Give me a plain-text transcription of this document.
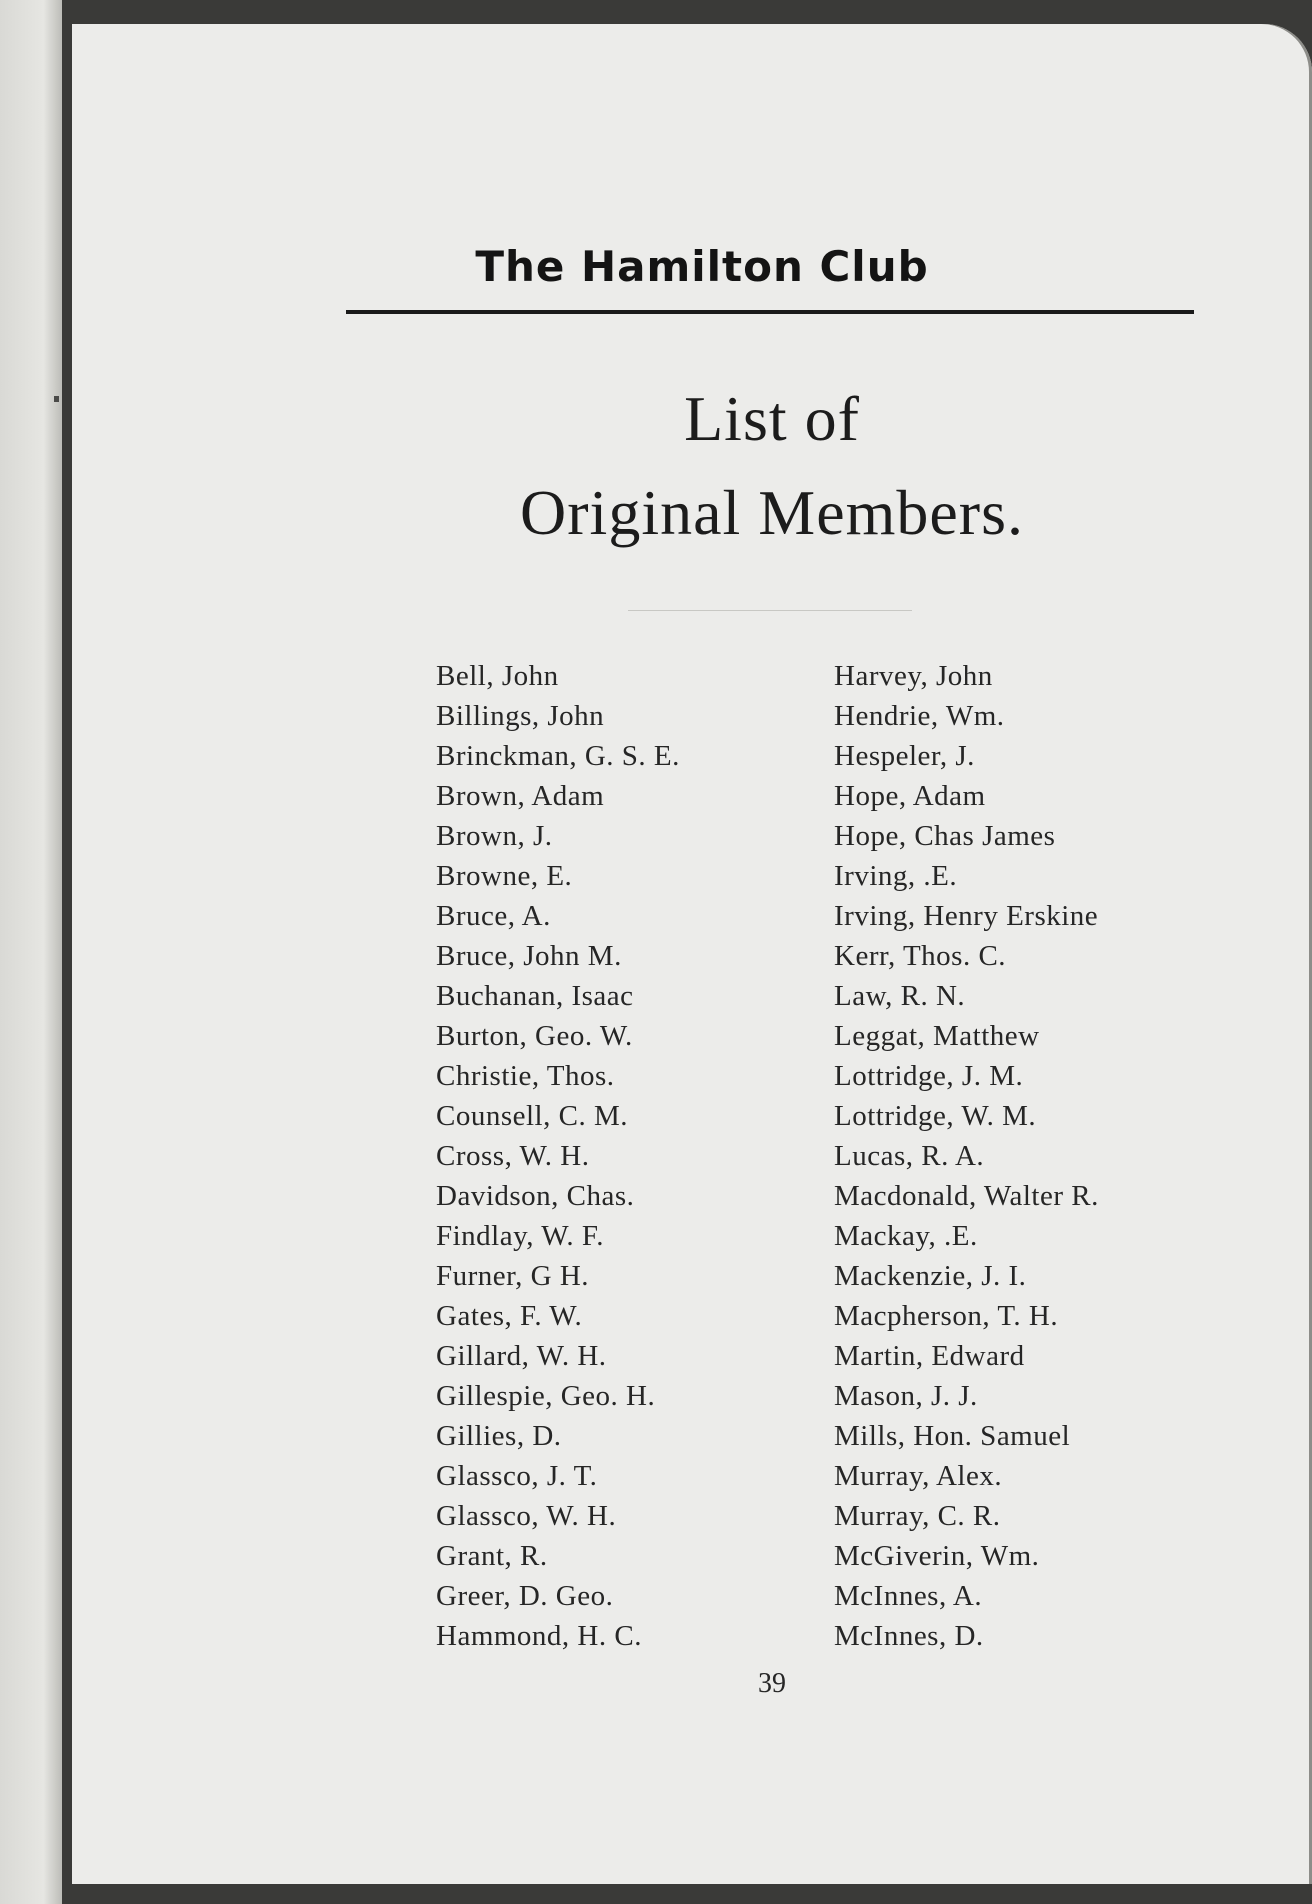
The Hamilton Club
List of
Original Members.
Bell, John
Billings, John
Brinckman, G. S. E.
Brown, Adam
Brown, J.
Browne, E.
Bruce, A.
Bruce, John M.
Buchanan, Isaac
Burton, Geo. W.
Christie, Thos.
Counsell, C. M.
Cross, W. H.
Davidson, Chas.
Findlay, W. F.
Furner, G H.
Gates, F. W.
Gillard, W. H.
Gillespie, Geo. H.
Gillies, D.
Glassco, J. T.
Glassco, W. H.
Grant, R.
Greer, D. Geo.
Hammond, H. C.
Harvey, John
Hendrie, Wm.
Hespeler, J.
Hope, Adam
Hope, Chas James
Irving, .E.
Irving, Henry Erskine
Kerr, Thos. C.
Law, R. N.
Leggat, Matthew
Lottridge, J. M.
Lottridge, W. M.
Lucas, R. A.
Macdonald, Walter R.
Mackay, .E.
Mackenzie, J. I.
Macpherson, T. H.
Martin, Edward
Mason, J. J.
Mills, Hon. Samuel
Murray, Alex.
Murray, C. R.
McGiverin, Wm.
McInnes, A.
McInnes, D.
39
